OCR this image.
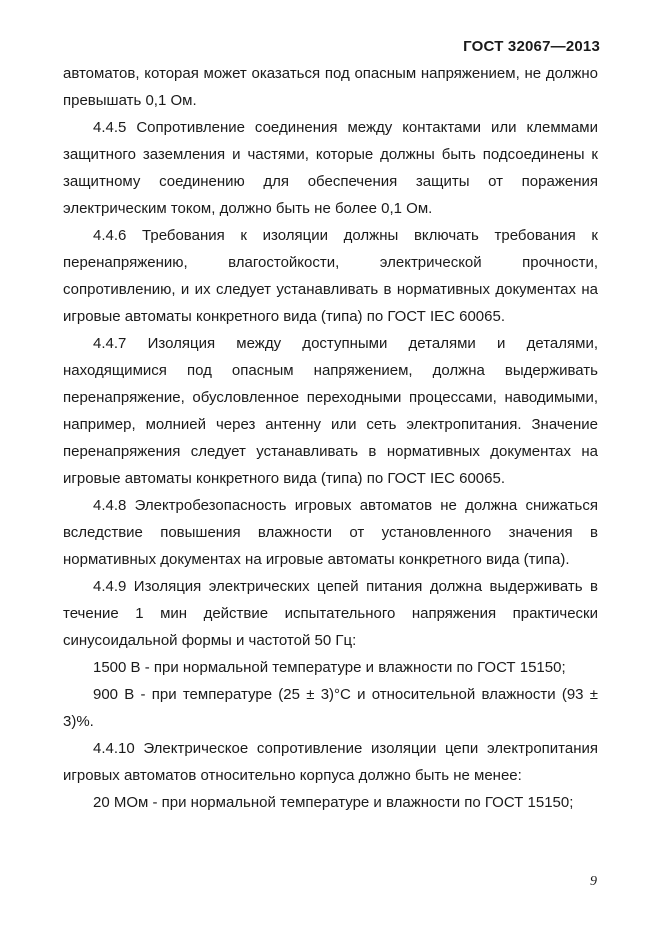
ГОСТ 32067—2013

автоматов, которая может оказаться под опасным напряжением, не должно превышать 0,1 Ом.

4.4.5 Сопротивление соединения между контактами или клеммами защитного заземления и частями, которые должны быть подсоединены к защитному соединению для обеспечения защиты от поражения электрическим током, должно быть не более 0,1 Ом.

4.4.6 Требования к изоляции должны включать требования к перенапряжению, влагостойкости, электрической прочности, сопротивлению, и их следует устанавливать в нормативных документах на игровые автоматы конкретного вида (типа) по ГОСТ IEC 60065.

4.4.7 Изоляция между доступными деталями и деталями, находящимися под опасным напряжением, должна выдерживать перенапряжение, обусловленное переходными процессами, наводимыми, например, молнией через антенну или сеть электропитания. Значение перенапряжения следует устанавливать в нормативных документах на игровые автоматы конкретного вида (типа) по ГОСТ IEC 60065.

4.4.8 Электробезопасность игровых автоматов не должна снижаться вследствие повышения влажности от установленного значения в нормативных документах на игровые автоматы конкретного вида (типа).

4.4.9 Изоляция электрических цепей питания должна выдерживать в течение 1 мин действие испытательного напряжения практически синусоидальной формы и частотой 50 Гц:

1500 В - при нормальной температуре и влажности по ГОСТ 15150;

900 В - при температуре (25 ± 3)°С и относительной влажности (93 ± 3)%.

4.4.10 Электрическое сопротивление изоляции цепи электропитания игровых автоматов относительно корпуса должно быть не менее:

20 МОм - при нормальной температуре и влажности по ГОСТ 15150;

9
